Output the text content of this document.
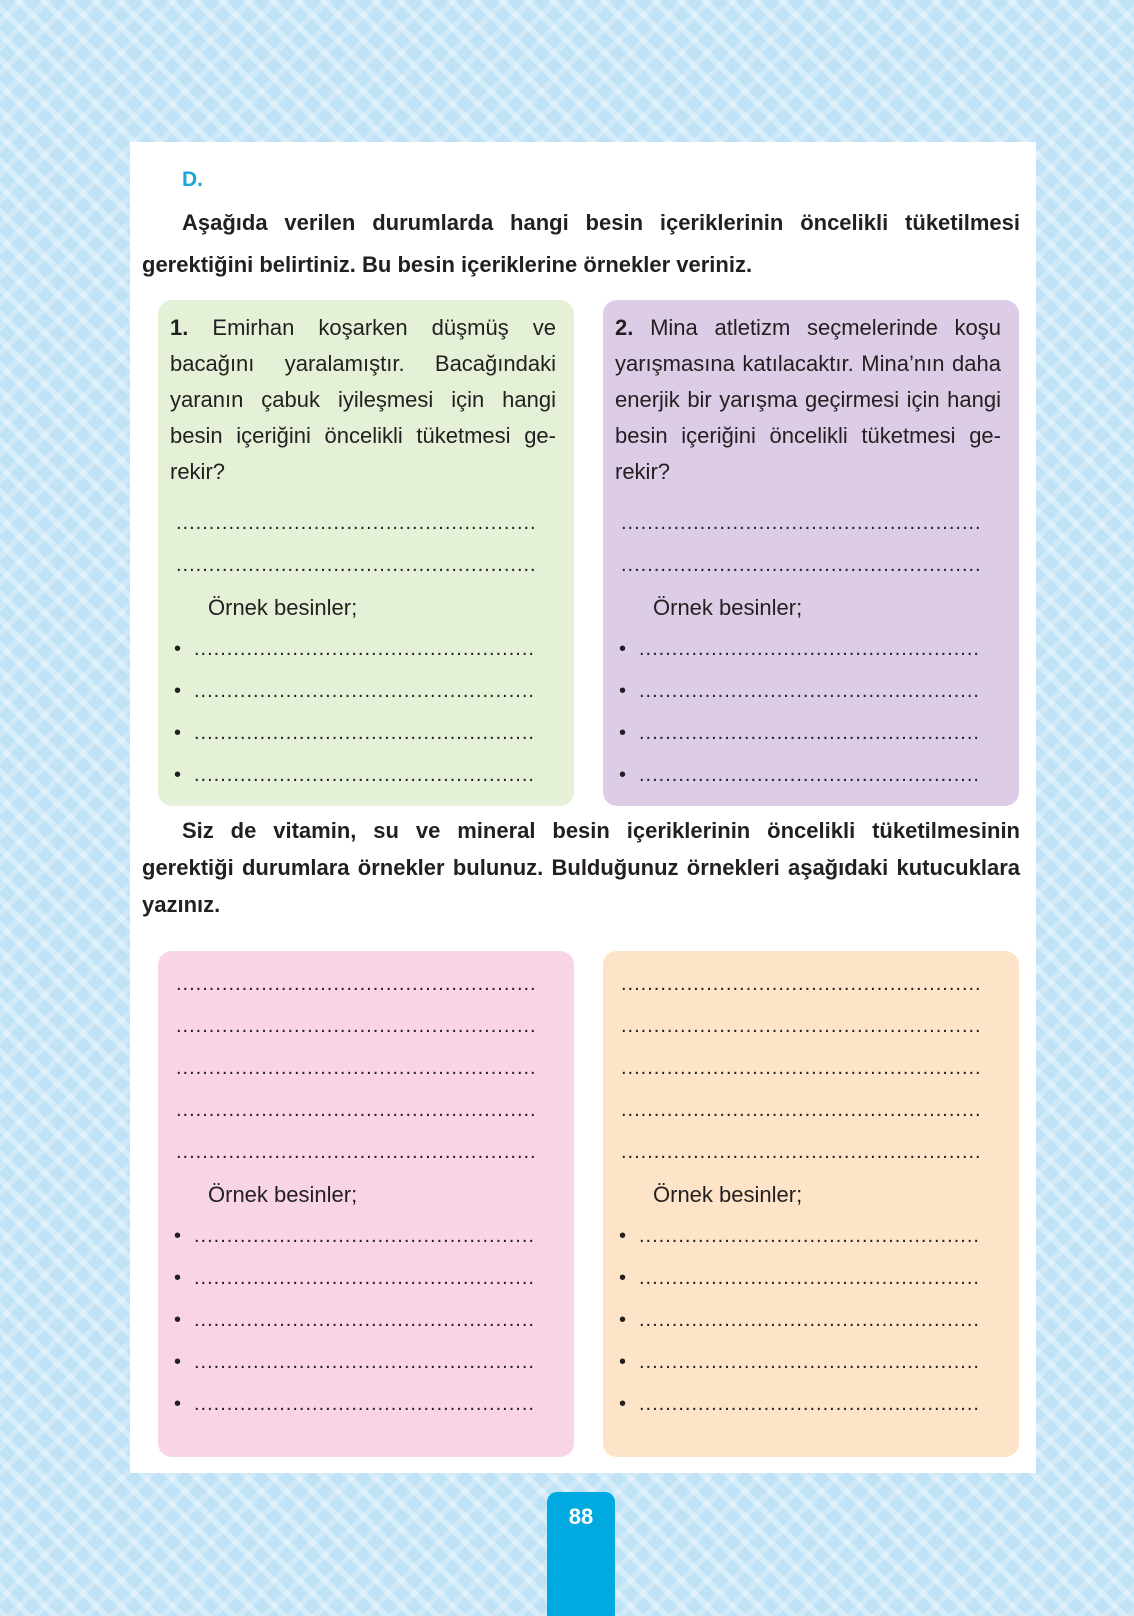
D.

Aşağıda verilen durumlarda hangi besin içeriklerinin öncelikli tüketilmesi gerektiğini belirtiniz. Bu besin içeriklerine örnekler veriniz.

1. Emirhan koşarken düşmüş ve bacağını yaralamıştır. Bacağındaki yaranın çabuk iyileşmesi için hangi besin içeriğini öncelikli tüketmesi gerekir?

.......................................................
.......................................................
Örnek besinler;
• ....................................................
• ....................................................
• ....................................................
• ....................................................

2. Mina atletizm seçmelerinde koşu yarışmasına katılacaktır. Mina’nın daha enerjik bir yarışma geçirmesi için hangi besin içeriğini öncelikli tüketmesi gerekir?

.......................................................
.......................................................
Örnek besinler;
• ....................................................
• ....................................................
• ....................................................
• ....................................................

Siz de vitamin, su ve mineral besin içeriklerinin öncelikli tüketilmesinin gerektiği durumlara örnekler bulunuz. Bulduğunuz örnekleri aşağıdaki kutucuklara yazınız.

.......................................................
.......................................................
.......................................................
.......................................................
.......................................................
Örnek besinler;
• ....................................................
• ....................................................
• ....................................................
• ....................................................
• ....................................................
.......................................................
.......................................................
.......................................................
.......................................................
.......................................................
Örnek besinler;
• ....................................................
• ....................................................
• ....................................................
• ....................................................
• ....................................................
88
